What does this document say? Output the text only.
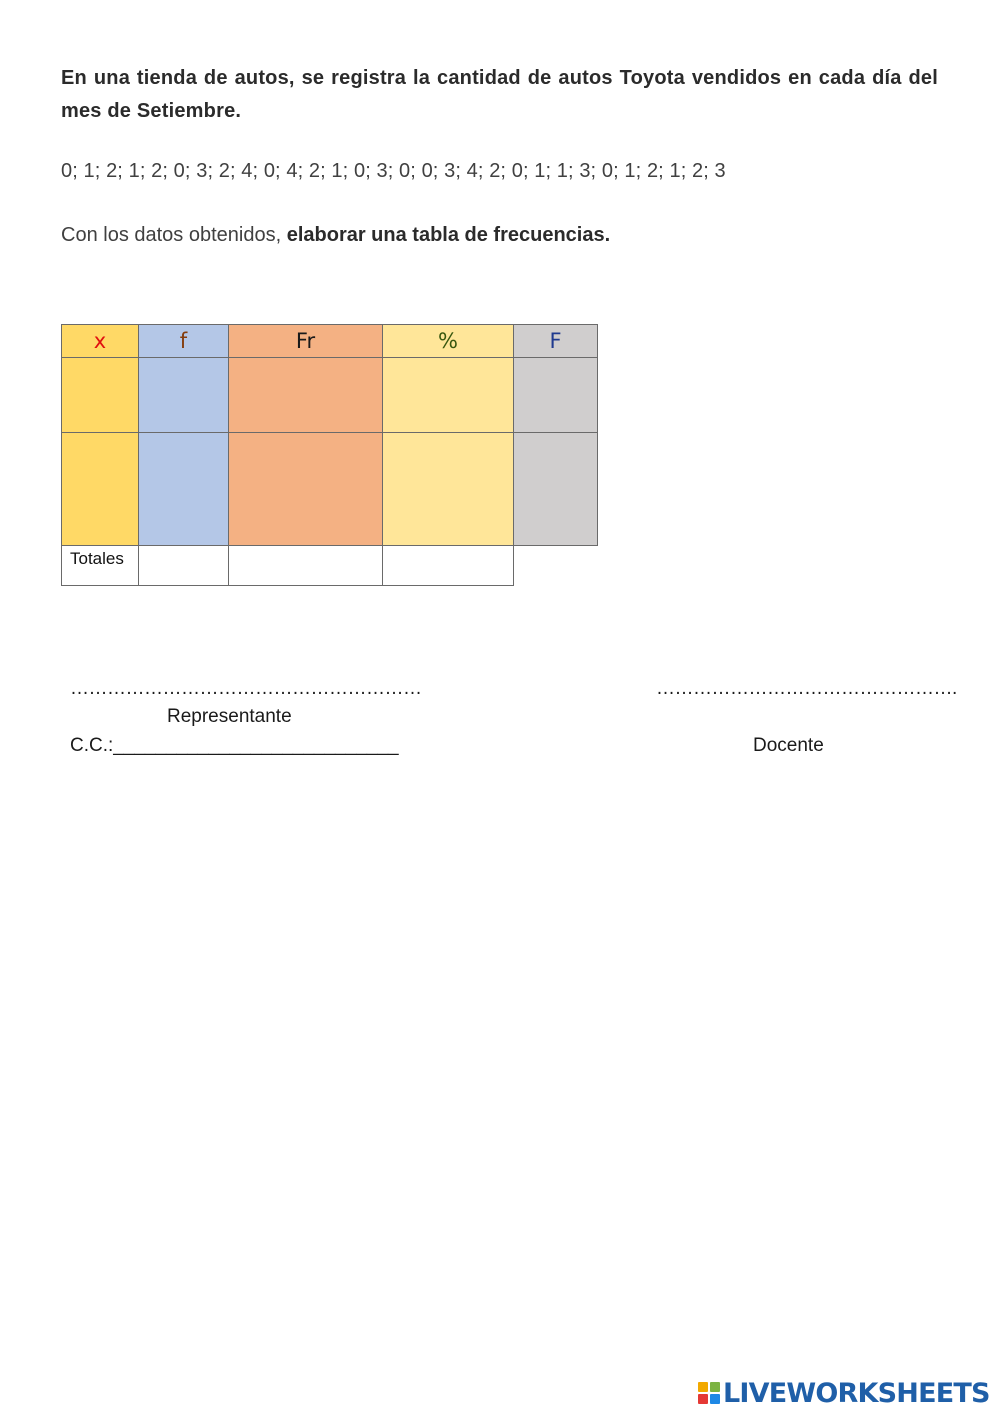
En una tienda de autos, se registra la cantidad de autos Toyota vendidos en cada día del mes de Setiembre.

0; 1; 2; 1; 2; 0; 3; 2; 4; 0; 4; 2; 1; 0; 3; 0; 0; 3; 4; 2; 0; 1; 1; 3; 0; 1; 2; 1; 2; 3

Con los datos obtenidos, elaborar una tabla de frecuencias.

x	f	Fr	%	F

Totales				

…………………………………………………

Representante

C.C.:___________________________

………………………………………….

Docente

LIVEWORKSHEETS
